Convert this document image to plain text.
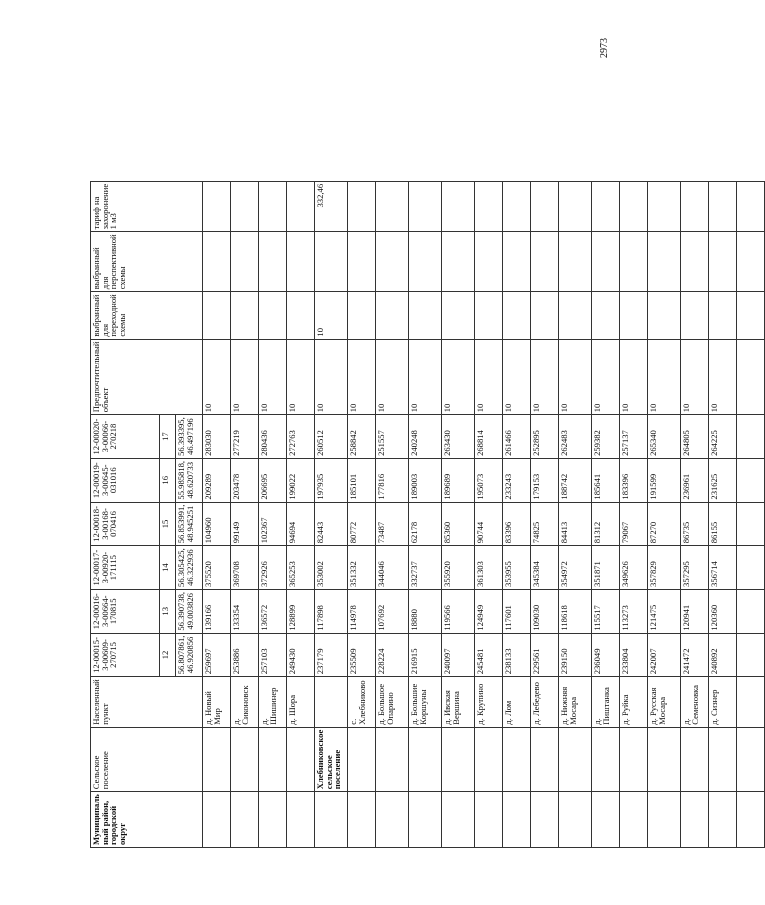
2973
Муниципаль ный район, городской округ	Сельское поселение	Населенный пункт	12-00015-З-00609-270715	12-00016-З-00664-170815	12-00017-З-00920-171115	12-00018-З-00168-070416	12-00019-З-00645-031016	12-00020-З-00066-270218	Предпочтительный объект	выбранный для переходной схемы	выбранный для перспективной схемы	тариф на захоронение 1 м3
			12	13	14	15	16	17				
			56.807861, 46.920856	56.390738, 49.003826	56.305425, 46.322936	56.853991, 48.945251	55.985818, 48.620733	56.393395, 46.497196				
		д. Новый Мир	259697	139166	375520	104960	209289	283030	10			
		д. Сиконовск	253886	133354	369708	99149	203478	277219	10			
		д. Шишинер	257103	136572	372926	102367	206695	280436	10			
		д. Шора	249430	128899	365253	94694	199022	272763	10			
	Хлебниковское сельское поселение		237179	117898	353002	82443	197935	260512	10	10		332,46
		с. Хлебниково	235509	114978	351332	80772	185101	258842	10			
		д. Большое Опарино	228224	107692	344046	73487	177816	251557	10			
		д. Большие Коршуны	216915	18880	332737	62178	189003	240248	10			
		д. Ивская Вершина	240097	119566	355920	85360	189689	263430	10			
		д. Крупино	245481	124949	361303	90744	195073	268814	10			
		д. Лом	238133	117601	353955	83396	233243	261466	10			
		д. Лебедево	229561	109030	345384	74825	179153	252895	10			
		д. Нижняя Мосара	239150	118618	354972	84413	188742	262483	10			
		д. Пиштанка	236049	115517	351871	81312	185641	259382	10			
		д. Руйка	233804	113273	349626	79067	183396	257137	10			
		д. Русская Мосара	242007	121475	357829	87270	191599	265340	10			
		д. Семеновка	241472	120941	357295	86735	236961	264805	10			
		д. Сизнер	240892	120360	356714	86155	231625	264225	10			
